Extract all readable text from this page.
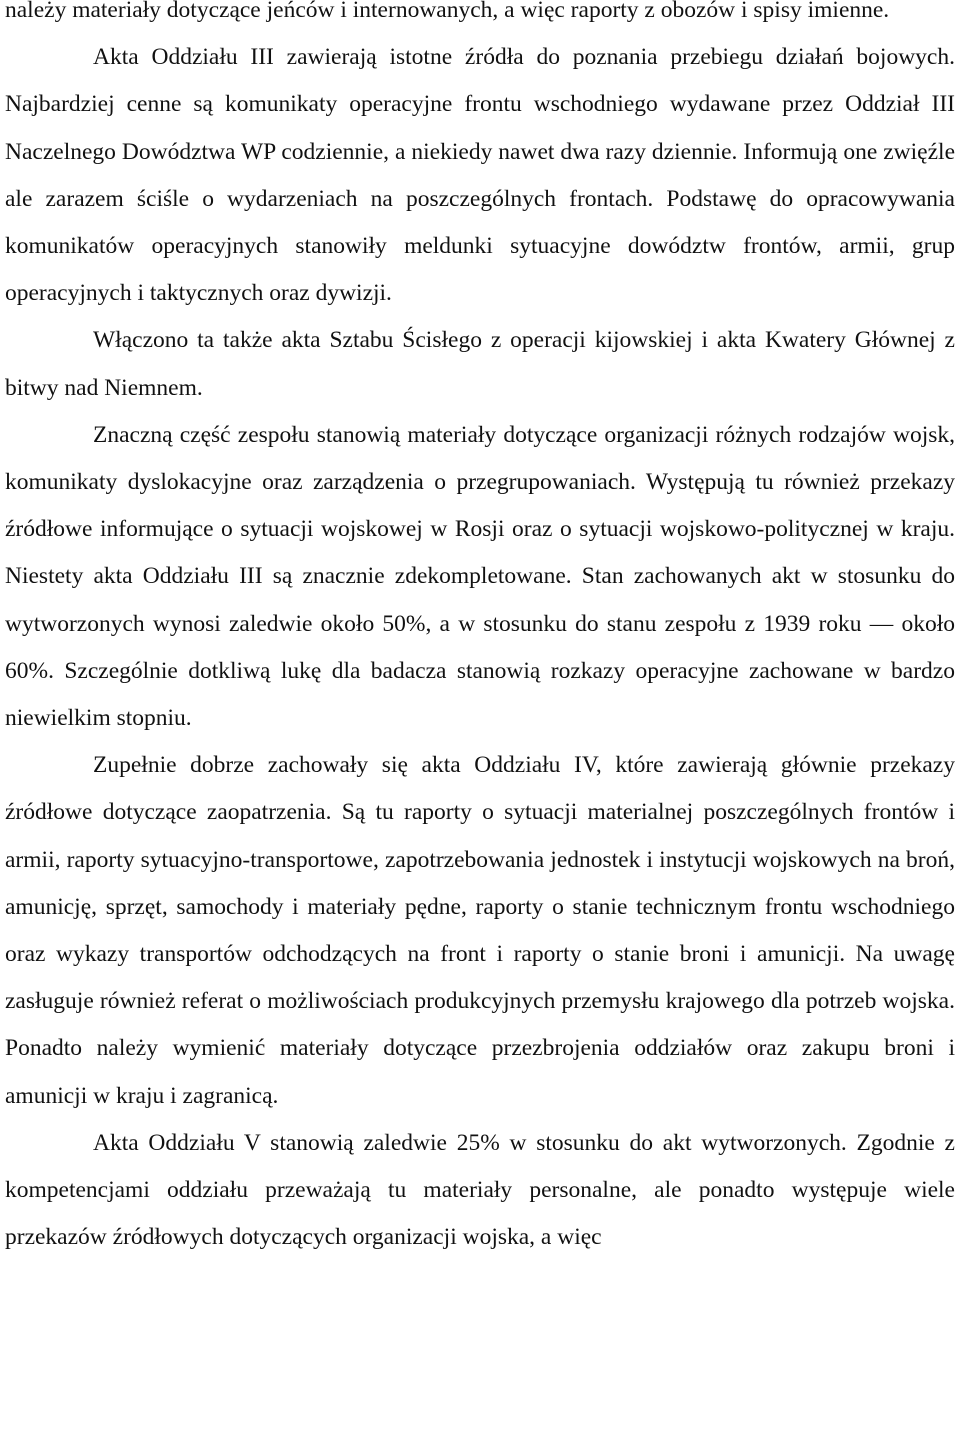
należy materiały dotyczące jeńców i internowanych, a więc raporty z obozów i spisy imienne.

Akta Oddziału III zawierają istotne źródła do poznania przebiegu działań bojowych. Najbardziej cenne są komunikaty operacyjne frontu wschodniego wydawane przez Oddział III Naczelnego Dowództwa WP codziennie, a niekiedy nawet dwa razy dziennie. Informują one zwięźle ale zarazem ściśle o wydarzeniach na poszczególnych frontach. Podstawę do opracowywania komunikatów operacyjnych stanowiły meldunki sytuacyjne dowództw frontów, armii, grup operacyjnych i taktycznych oraz dywizji.

Włączono ta także akta Sztabu Ścisłego z operacji kijowskiej i akta Kwatery Głównej z bitwy nad Niemnem.

Znaczną część zespołu stanowią materiały dotyczące organizacji różnych rodzajów wojsk, komunikaty dyslokacyjne oraz zarządzenia o przegrupowaniach. Występują tu również przekazy źródłowe informujące o sytuacji wojskowej w Rosji oraz o sytuacji wojskowo-politycznej w kraju. Niestety akta Oddziału III są znacznie zdekompletowane. Stan zachowanych akt w stosunku do wytworzonych wynosi zaledwie około 50%, a w stosunku do stanu zespołu z 1939 roku — około 60%. Szczególnie dotkliwą lukę dla badacza stanowią rozkazy operacyjne zachowane w bardzo niewielkim stopniu.

Zupełnie dobrze zachowały się akta Oddziału IV, które zawierają głównie przekazy źródłowe dotyczące zaopatrzenia. Są tu raporty o sytuacji materialnej poszczególnych frontów i armii, raporty sytuacyjno-transportowe, zapotrzebowania jednostek i instytucji wojskowych na broń, amunicję, sprzęt, samochody i materiały pędne, raporty o stanie technicznym frontu wschodniego oraz wykazy transportów odchodzących na front i raporty o stanie broni i amunicji. Na uwagę zasługuje również referat o możliwościach produkcyjnych przemysłu krajowego dla potrzeb wojska. Ponadto należy wymienić materiały dotyczące przezbrojenia oddziałów oraz zakupu broni i amunicji w kraju i zagranicą.

Akta Oddziału V stanowią zaledwie 25% w stosunku do akt wytworzonych. Zgodnie z kompetencjami oddziału przeważają tu materiały personalne, ale ponadto występuje wiele przekazów źródłowych dotyczących organizacji wojska, a więc
